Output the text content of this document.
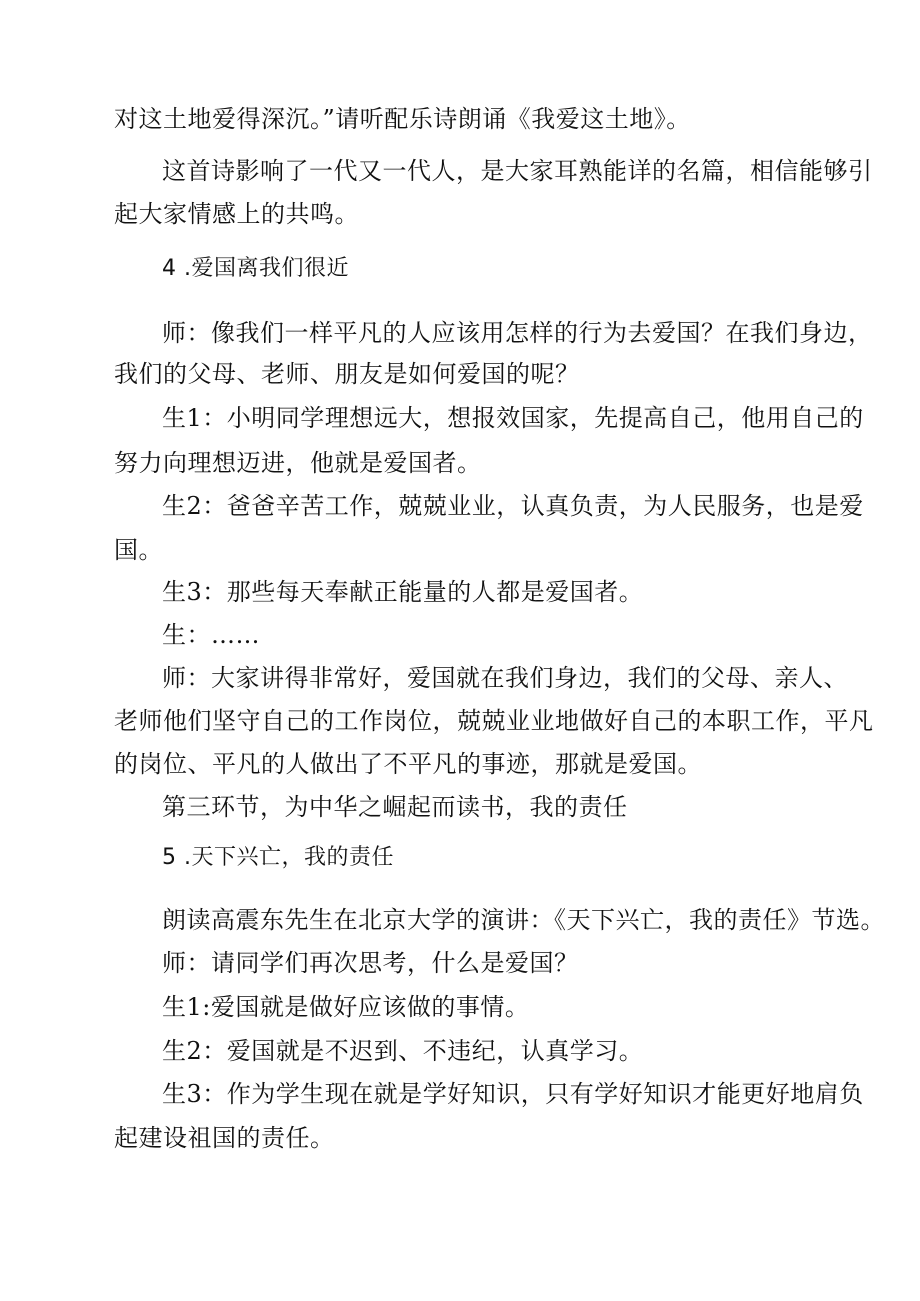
对这土地爱得深沉。”请听配乐诗朗诵《我爱这土地》。
这首诗影响了一代又一代人，是大家耳熟能详的名篇，相信能够引
起大家情感上的共鸣。
4 .爱国离我们很近
师：像我们一样平凡的人应该用怎样的行为去爱国？在我们身边，
我们的父母、老师、朋友是如何爱国的呢？
生1：小明同学理想远大，想报效国家，先提高自己，他用自己的
努力向理想迈进，他就是爱国者。
生2：爸爸辛苦工作，兢兢业业，认真负责，为人民服务，也是爱
国。
生3：那些每天奉献正能量的人都是爱国者。
生：……
师：大家讲得非常好，爱国就在我们身边，我们的父母、亲人、
老师他们坚守自己的工作岗位，兢兢业业地做好自己的本职工作，平凡
的岗位、平凡的人做出了不平凡的事迹，那就是爱国。
第三环节，为中华之崛起而读书，我的责任
5 .天下兴亡，我的责任
朗读高震东先生在北京大学的演讲：《天下兴亡，我的责任》节选。
师：请同学们再次思考，什么是爱国？
生1:爱国就是做好应该做的事情。
生2：爱国就是不迟到、不违纪，认真学习。
生3：作为学生现在就是学好知识，只有学好知识才能更好地肩负
起建设祖国的责任。
